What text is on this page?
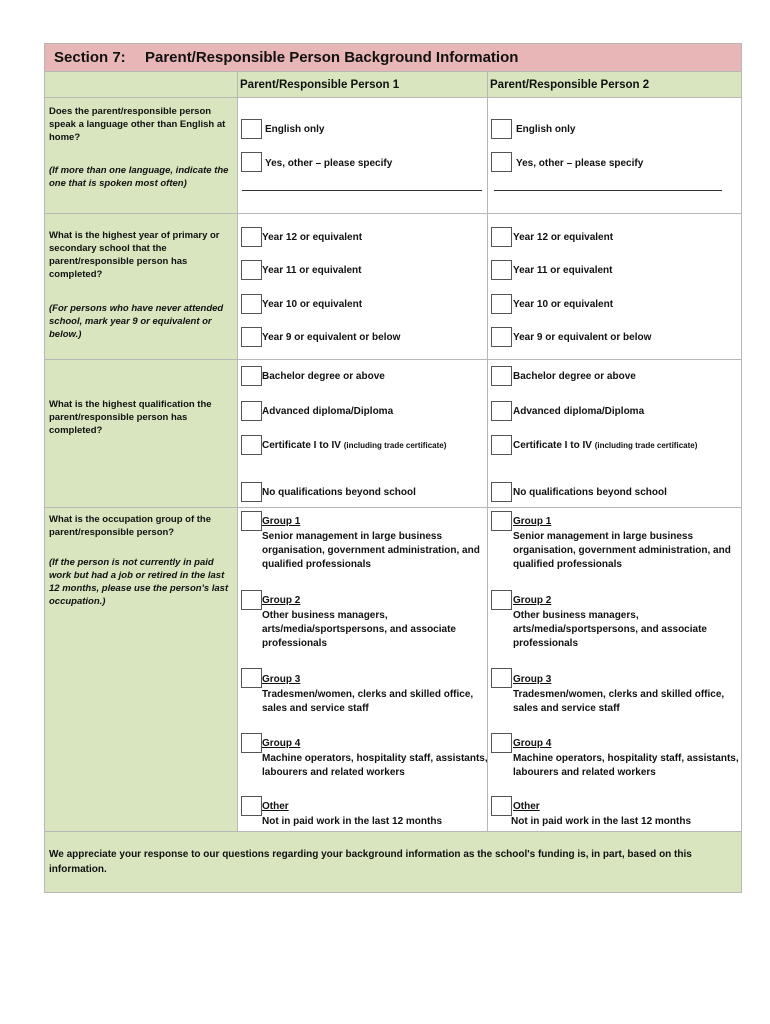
Section 7: Parent/Responsible Person Background Information
Parent/Responsible Person 1	Parent/Responsible Person 2
Does the parent/responsible person speak a language other than English at home?
(If more than one language, indicate the one that is spoken most often)
English only
Yes, other – please specify
English only
Yes, other – please specify
What is the highest year of primary or secondary school that the parent/responsible person has completed?
(For persons who have never attended school, mark year 9 or equivalent or below.)
Year 12 or equivalent
Year 11 or equivalent
Year 10 or equivalent
Year 9 or equivalent or below
Year 12 or equivalent
Year 11 or equivalent
Year 10 or equivalent
Year 9 or equivalent or below
What is the highest qualification the parent/responsible person has completed?
Bachelor degree or above
Advanced diploma/Diploma
Certificate I to IV (including trade certificate)
No qualifications beyond school
Bachelor degree or above
Advanced diploma/Diploma
Certificate I to IV (including trade certificate)
No qualifications beyond school
What is the occupation group of the parent/responsible person?
(If the person is not currently in paid work but had a job or retired in the last 12 months, please use the person's last occupation.)
Group 1
Senior management in large business organisation, government administration, and qualified professionals
Group 2
Other business managers, arts/media/sportspersons, and associate professionals
Group 3
Tradesmen/women, clerks and skilled office, sales and service staff
Group 4
Machine operators, hospitality staff, assistants, labourers and related workers
Other
Not in paid work in the last 12 months
Group 1
Senior management in large business organisation, government administration, and qualified professionals
Group 2
Other business managers, arts/media/sportspersons, and associate professionals
Group 3
Tradesmen/women, clerks and skilled office, sales and service staff
Group 4
Machine operators, hospitality staff, assistants, labourers and related workers
Other
Not in paid work in the last 12 months
We appreciate your response to our questions regarding your background information as the school's funding is, in part, based on this information.
